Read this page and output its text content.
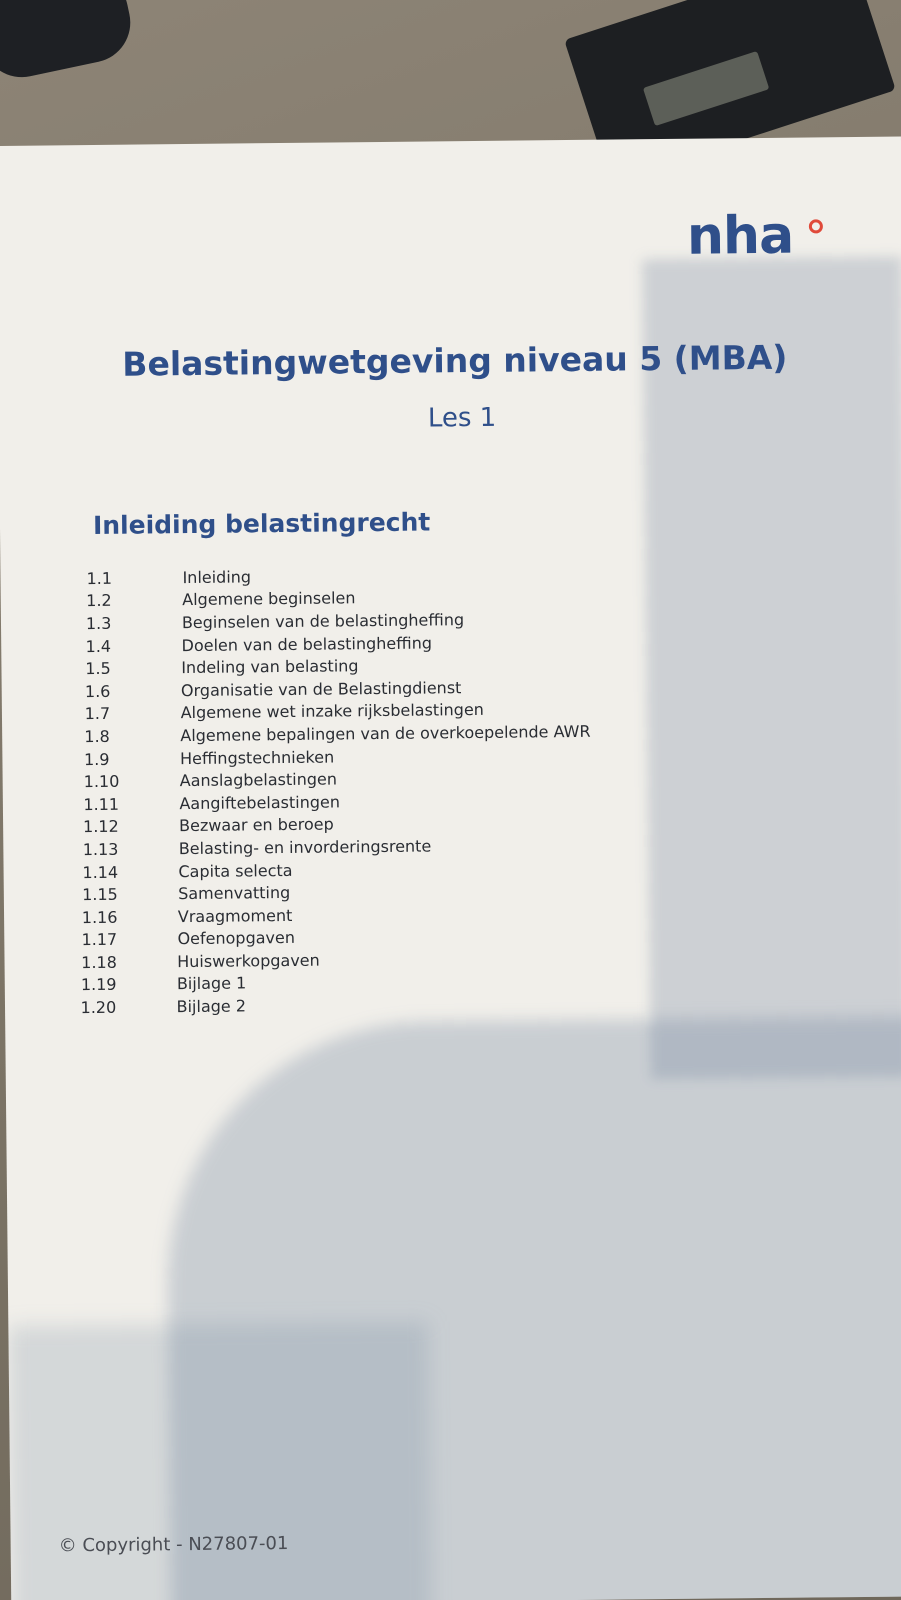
nha
Belastingwetgeving niveau 5 (MBA)
Les 1
Inleiding belastingrecht
1.1	Inleiding
1.2	Algemene beginselen
1.3	Beginselen van de belastingheffing
1.4	Doelen van de belastingheffing
1.5	Indeling van belasting
1.6	Organisatie van de Belastingdienst
1.7	Algemene wet inzake rijksbelastingen
1.8	Algemene bepalingen van de overkoepelende AWR
1.9	Heffingstechnieken
1.10	Aanslagbelastingen
1.11	Aangiftebelastingen
1.12	Bezwaar en beroep
1.13	Belasting- en invorderingsrente
1.14	Capita selecta
1.15	Samenvatting
1.16	Vraagmoment
1.17	Oefenopgaven
1.18	Huiswerkopgaven
1.19	Bijlage 1
1.20	Bijlage 2
© Copyright - N27807-01
